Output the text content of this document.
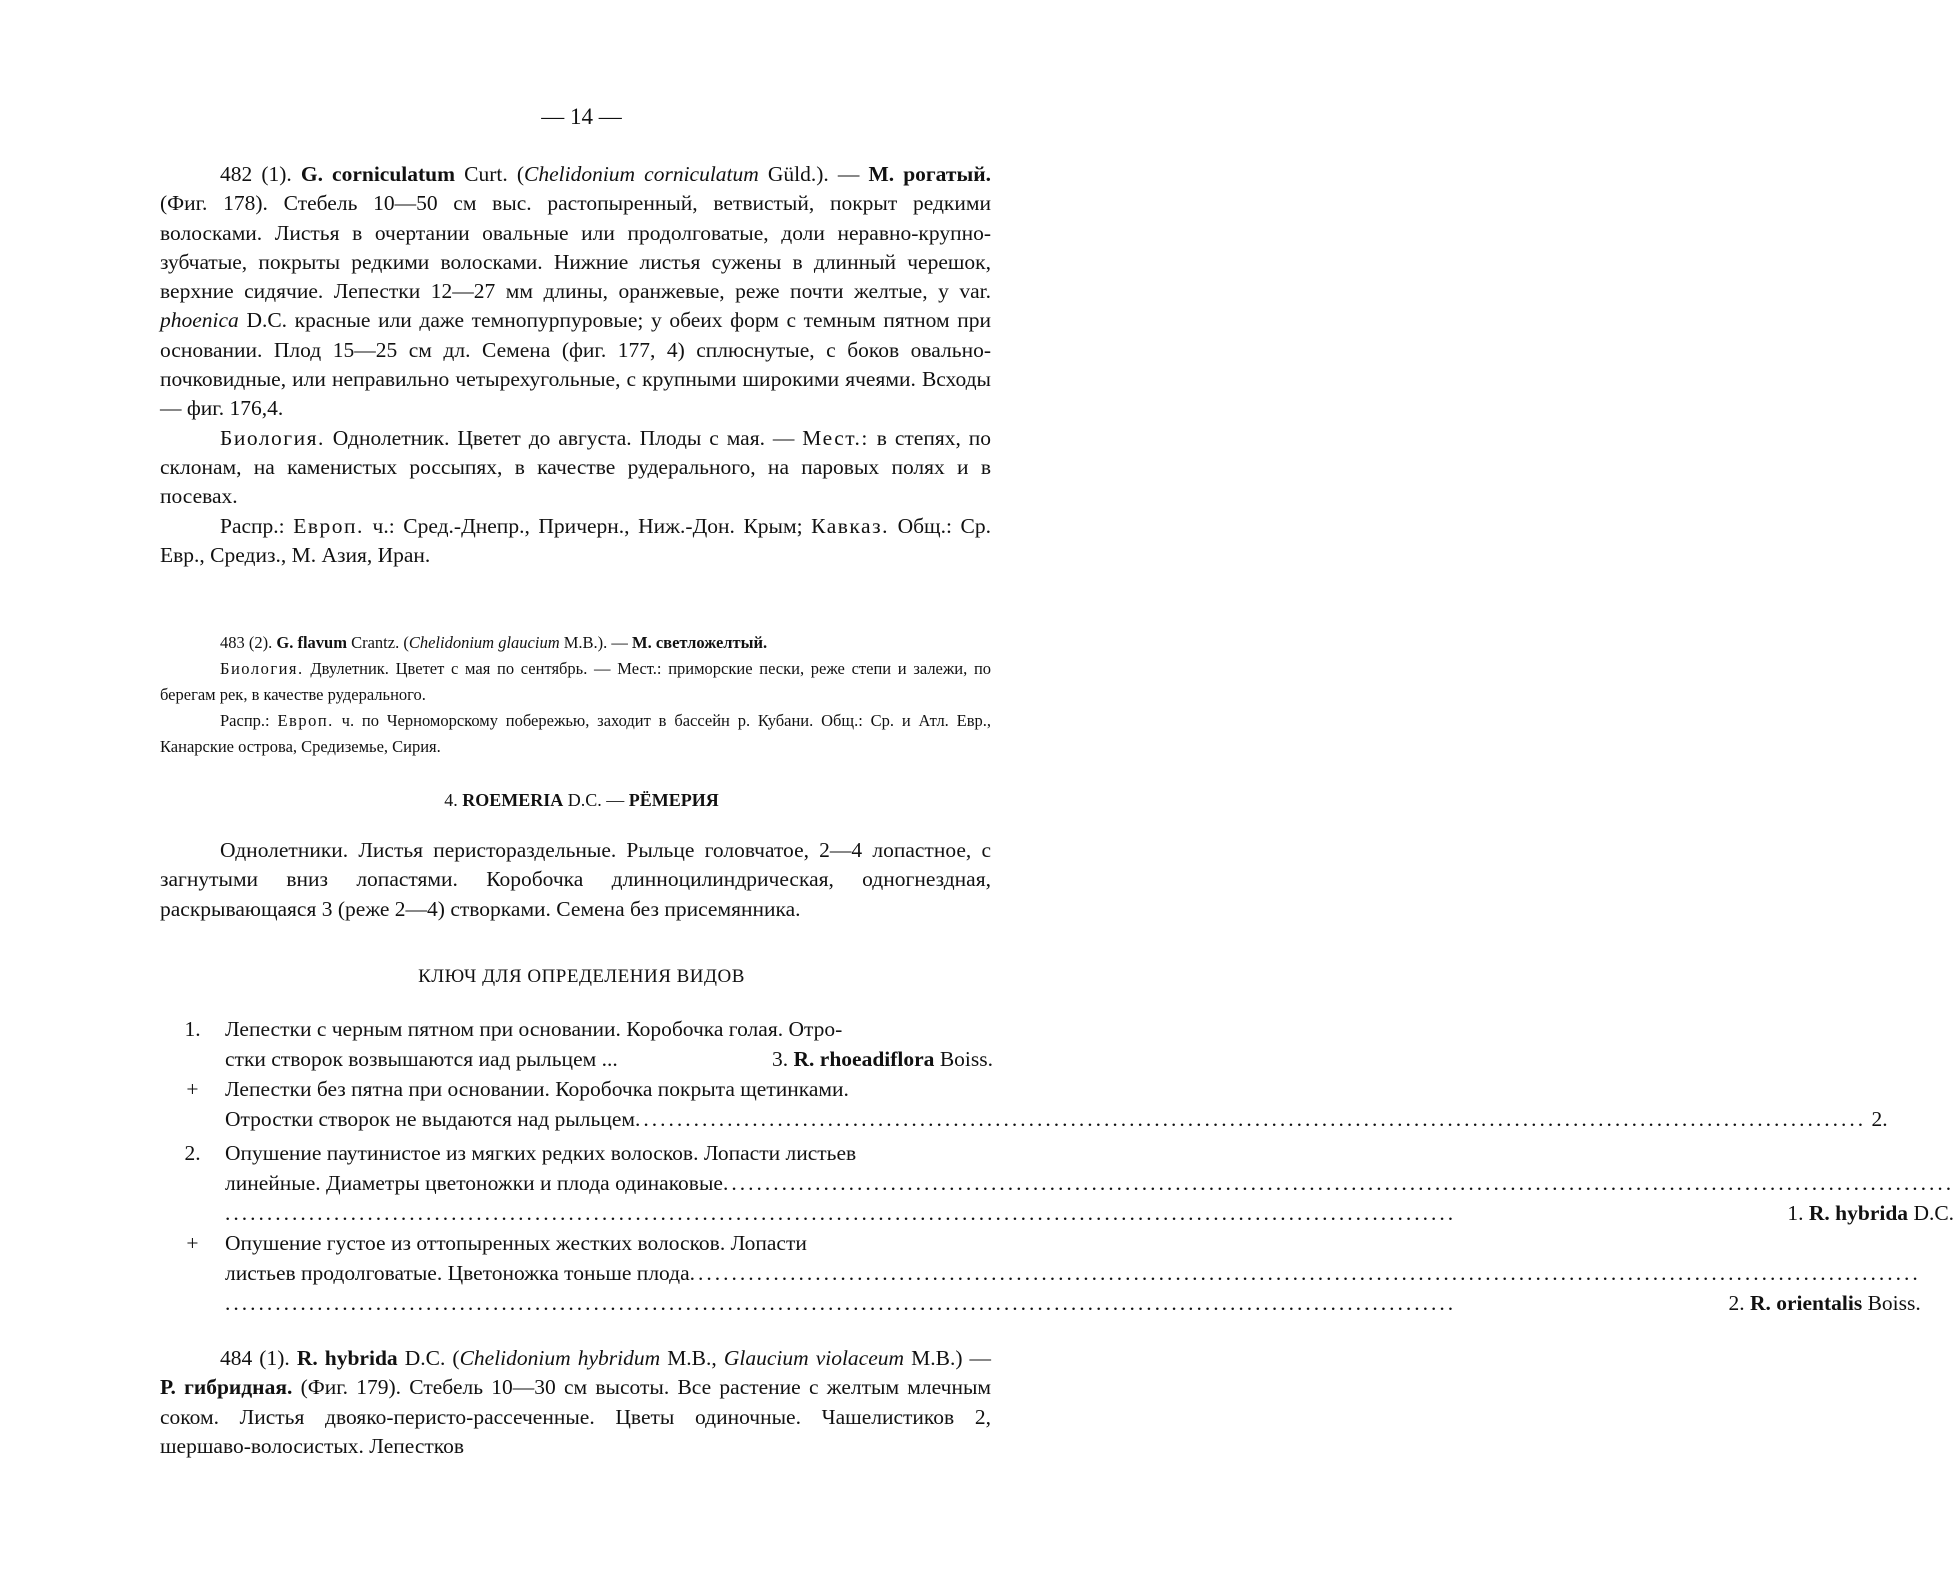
— 14 —

482 (1). G. corniculatum Curt. (Chelidonium corniculatum Güld.). — М. рогатый. (Фиг. 178). Стебель 10—50 см выс. растопыренный, ветвистый, покрыт редкими волосками. Листья в очертании овальные или продолговатые, доли неравно-крупно-зубчатые, покрыты редкими волосками. Нижние листья сужены в длинный черешок, верхние сидячие. Лепестки 12—27 мм длины, оранжевые, реже почти желтые, у var. phoenica D.C. красные или даже темнопурпуровые; у обеих форм с темным пятном при основании. Плод 15—25 см дл. Семена (фиг. 177, 4) сплюснутые, с боков овально-почковидные, или неправильно четырехугольные, с крупными широкими ячеями. Всходы — фиг. 176,4.

Биология. Однолетник. Цветет до августа. Плоды с мая. — Мест.: в степях, по склонам, на каменистых россыпях, в качестве рудерального, на паровых полях и в посевах.

Распр.: Европ. ч.: Сред.-Днепр., Причерн., Ниж.-Дон. Крым; Кавказ. Общ.: Ср. Евр., Средиз., М. Азия, Иран.

483 (2). G. flavum Crantz. (Chelidonium glaucium M.B.). — М. светложелтый.

Биология. Двулетник. Цветет с мая по сентябрь. — Мест.: приморские пески, реже степи и залежи, по берегам рек, в качестве рудерального.

Распр.: Европ. ч. по Черноморскому побережью, заходит в бассейн р. Кубани. Общ.: Ср. и Атл. Евр., Канарские острова, Средиземье, Сирия.

4. ROEMERIA D.C. — РЁМЕРИЯ

Однолетники. Листья перистораздельные. Рыльце головчатое, 2—4 лопастное, с загнутыми вниз лопастями. Коробочка длинноцилиндрическая, одногнездная, раскрывающаяся 3 (реже 2—4) створками. Семена без присемянника.

КЛЮЧ ДЛЯ ОПРЕДЕЛЕНИЯ ВИДОВ
1.	Лепестки с черным пятном при основании. Коробочка голая. Отро-
стки створок возвышаются иад рыльцем ...	3. R. rhoeadiflora Boiss.
+	Лепестки без пятна при основании. Коробочка покрыта щетинками.
Отростки створок не выдаются над рыльцем ................................................................................................................................................... 2.
2.	Опушение паутинистое из мягких редких волосков. Лопасти листьев
линейные. Диаметры цветоножки и плода одинаковые ...................................................................................................................................................
...................................................................................................................................................	1. R. hybrida D.C.
+	Опушение густое из оттопыренных жестких волосков. Лопасти
листьев продолговатые. Цветоножка тоньше плода ...................................................................................................................................................
...................................................................................................................................................	2. R. orientalis Boiss.

484 (1). R. hybrida D.C. (Chelidonium hybridum M.B., Glaucium violaceum M.B.) — Р. гибридная. (Фиг. 179). Стебель 10—30 см высоты. Все растение с желтым млечным соком. Листья двояко-перисто-рассеченные. Цветы одиночные. Чашелистиков 2, шершаво-волосистых. Лепестков
